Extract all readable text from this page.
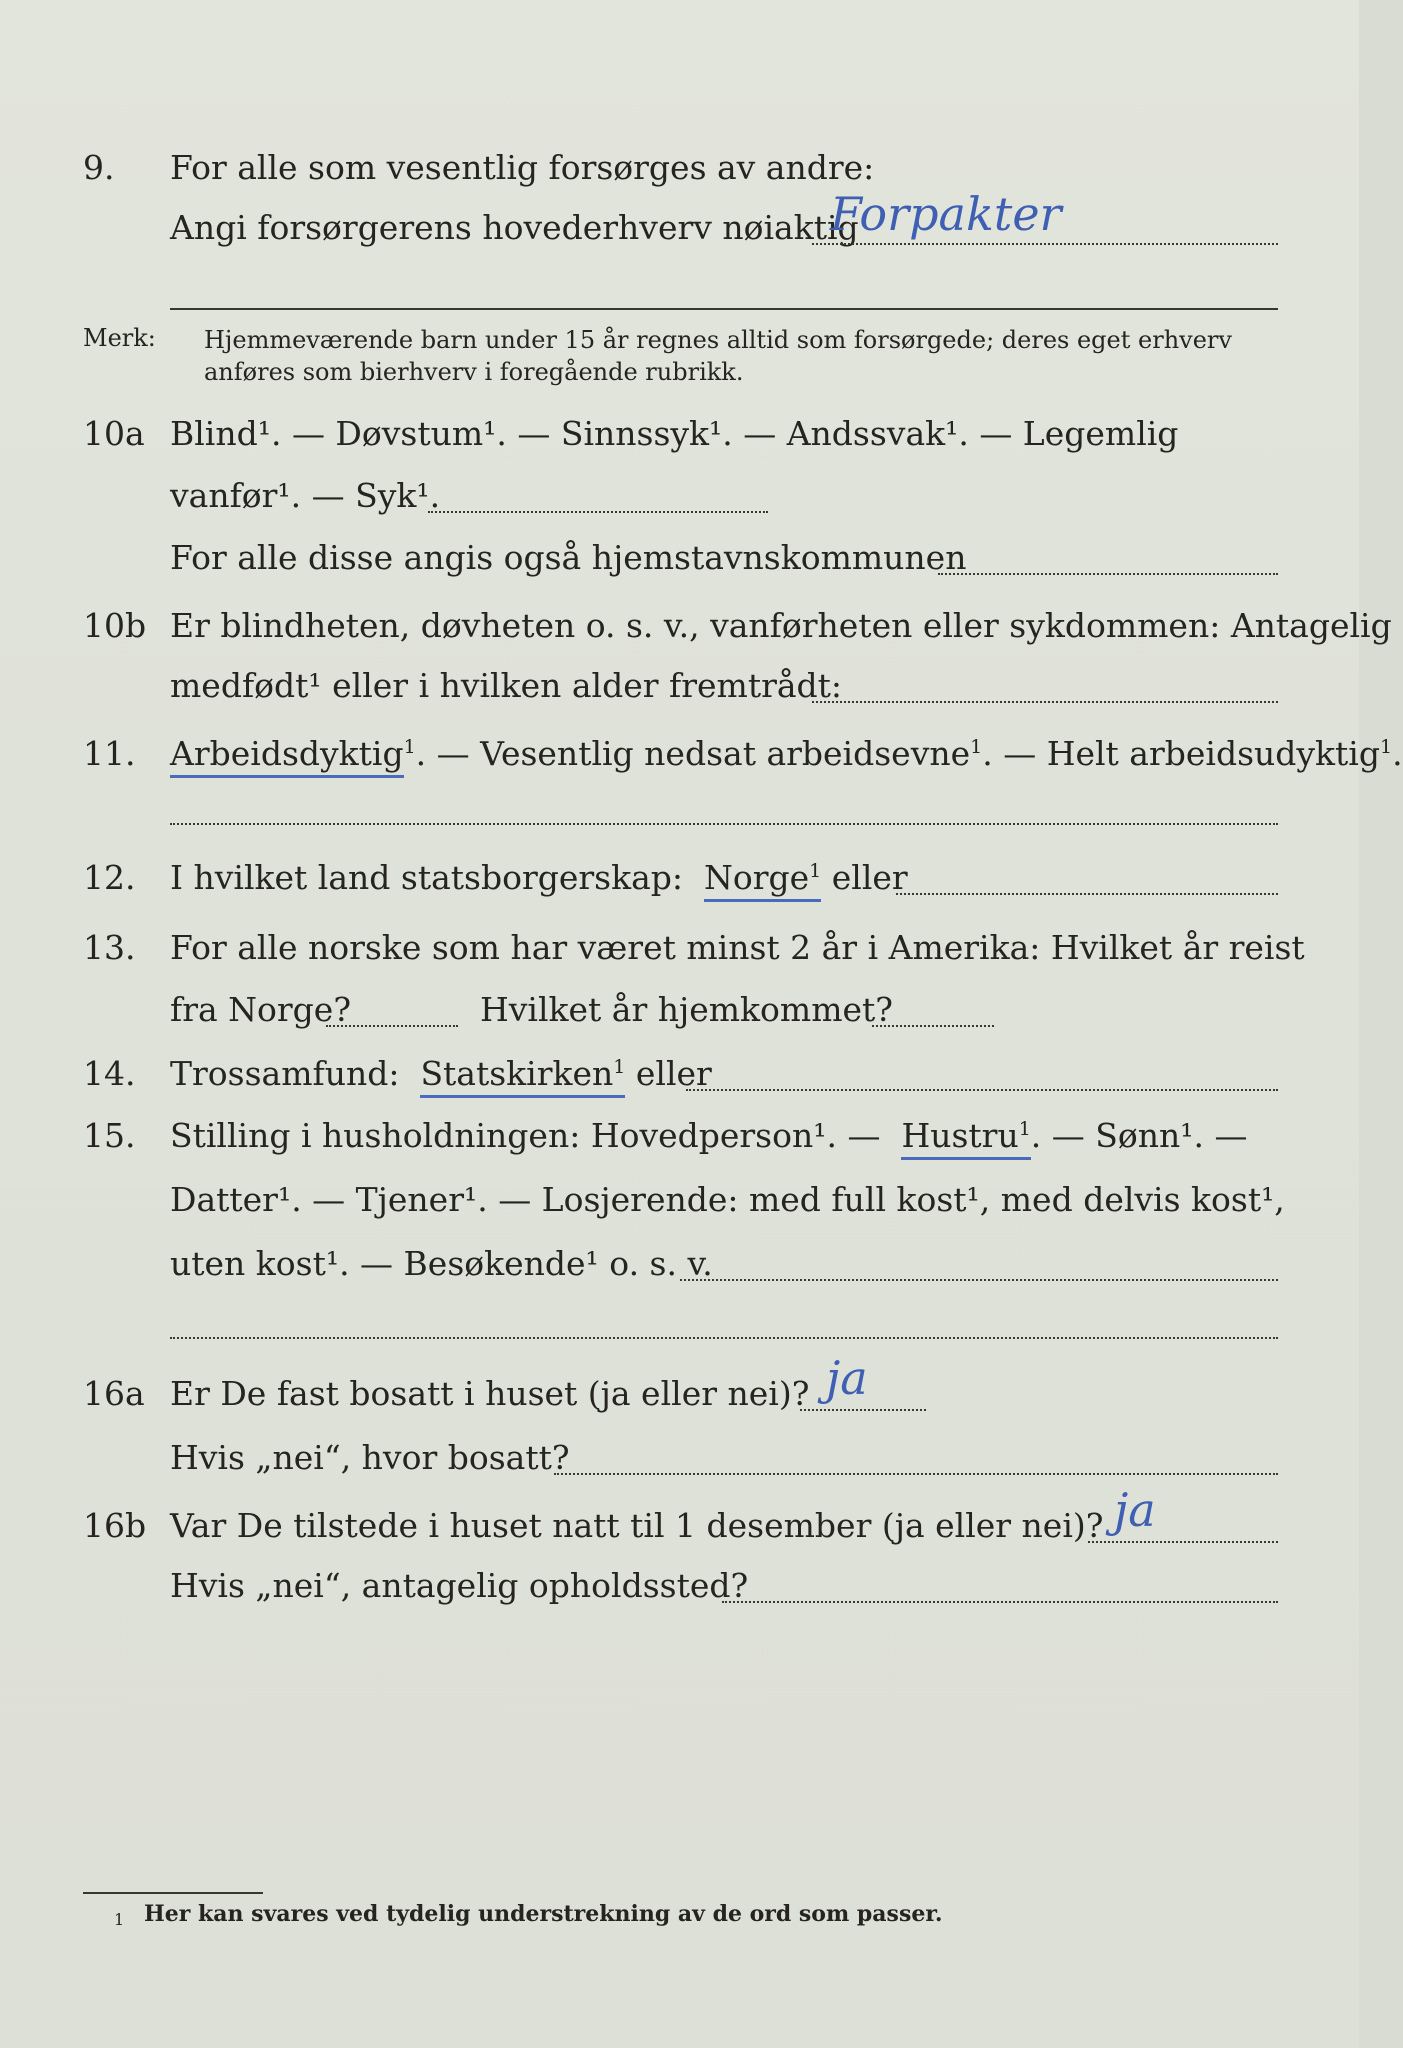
9. For alle som vesentlig forsørges av andre:
Angi forsørgerens hovederhverv nøiaktig
Forpakter
Merk: Hjemmeværende barn under 15 år regnes alltid som forsørgede; deres eget erhverv
anføres som bierhverv i foregående rubrikk.
10a Blind¹. — Døvstum¹. — Sinnssyk¹. — Andssvak¹. — Legemlig
vanfør¹. — Syk¹.
For alle disse angis også hjemstavnskommunen
10b Er blindheten, døvheten o. s. v., vanførheten eller sykdommen: Antagelig
medfødt¹ eller i hvilken alder fremtrådt:
11. Arbeidsdyktig$^1$. — Vesentlig nedsat arbeidsevne$^1$. — Helt arbeidsudyktig$^1$.
12. I hvilket land statsborgerskap: Norge$^1$ eller
13. For alle norske som har været minst 2 år i Amerika: Hvilket år reist
fra Norge?	Hvilket år hjemkommet?
14. Trossamfund: Statskirken$^1$ eller
15. Stilling i husholdningen: Hovedperson¹. — Hustru$^1$. — Sønn¹. —
Datter¹. — Tjener¹. — Losjerende: med full kost¹, med delvis kost¹,
uten kost¹. — Besøkende¹ o. s. v.
16a Er De fast bosatt i huset (ja eller nei)? ja
Hvis „nei“, hvor bosatt?
16b Var De tilstede i huset natt til 1 desember (ja eller nei)? ja
Hvis „nei“, antagelig opholdssted?
1 Her kan svares ved tydelig understrekning av de ord som passer.
